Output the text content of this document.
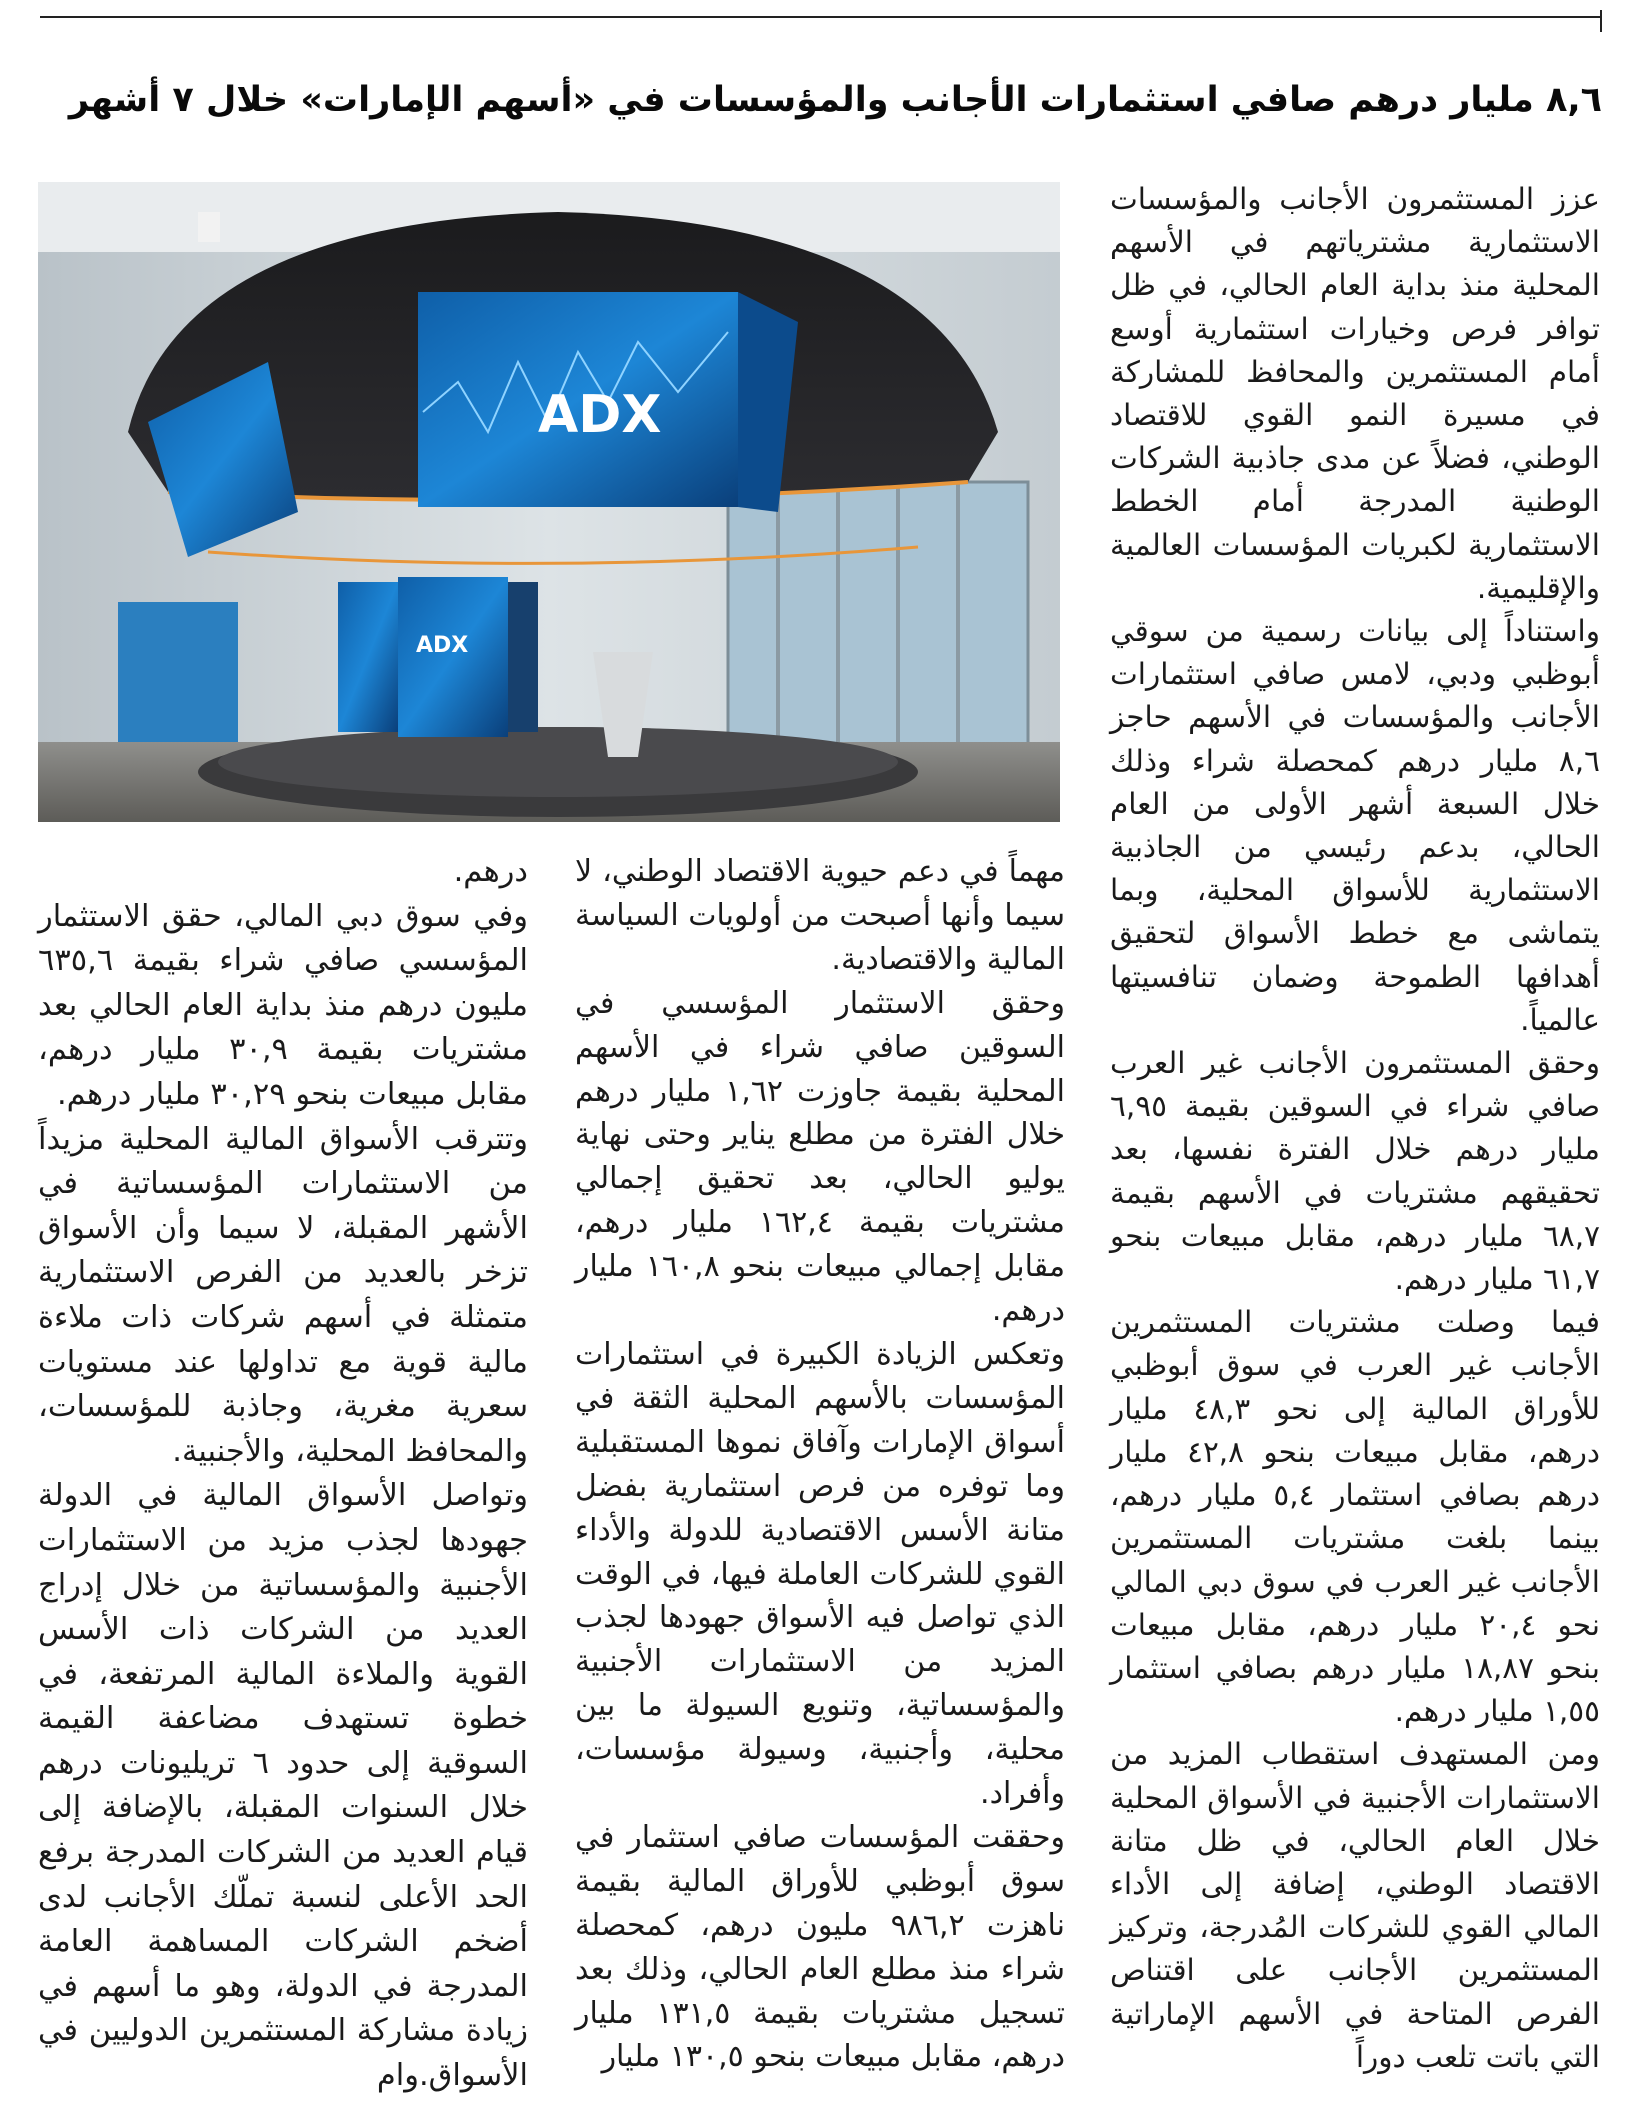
٨,٦ مليار درهم صافي استثمارات الأجانب والمؤسسات في «أسهم الإمارات» خلال ٧ أشهر
ADX
ADX

عزز المستثمرون الأجانب والمؤسسات الاستثمارية مشترياتهم في الأسهم المحلية منذ بداية العام الحالي، في ظل توافر فرص وخيارات استثمارية أوسع أمام المستثمرين والمحافظ للمشاركة في مسيرة النمو القوي للاقتصاد الوطني، فضلاً عن مدى جاذبية الشركات الوطنية المدرجة أمام الخطط الاستثمارية لكبريات المؤسسات العالمية والإقليمية.

واستناداً إلى بيانات رسمية من سوقي أبوظبي ودبي، لامس صافي استثمارات الأجانب والمؤسسات في الأسهم حاجز ٨,٦ مليار درهم كمحصلة شراء وذلك خلال السبعة أشهر الأولى من العام الحالي، بدعم رئيسي من الجاذبية الاستثمارية للأسواق المحلية، وبما يتماشى مع خطط الأسواق لتحقيق أهدافها الطموحة وضمان تنافسيتها عالمياً.

وحقق المستثمرون الأجانب غير العرب صافي شراء في السوقين بقيمة ٦,٩٥ مليار درهم خلال الفترة نفسها، بعد تحقيقهم مشتريات في الأسهم بقيمة ٦٨,٧ مليار درهم، مقابل مبيعات بنحو ٦١,٧ مليار درهم.

فيما وصلت مشتريات المستثمرين الأجانب غير العرب في سوق أبوظبي للأوراق المالية إلى نحو ٤٨,٣ مليار درهم، مقابل مبيعات بنحو ٤٢,٨ مليار درهم بصافي استثمار ٥,٤ مليار درهم، بينما بلغت مشتريات المستثمرين الأجانب غير العرب في سوق دبي المالي نحو ٢٠,٤ مليار درهم، مقابل مبيعات بنحو ١٨,٨٧ مليار درهم بصافي استثمار ١,٥٥ مليار درهم.

ومن المستهدف استقطاب المزيد من الاستثمارات الأجنبية في الأسواق المحلية خلال العام الحالي، في ظل متانة الاقتصاد الوطني، إضافة إلى الأداء المالي القوي للشركات المُدرجة، وتركيز المستثمرين الأجانب على اقتناص الفرص المتاحة في الأسهم الإماراتية التي باتت تلعب دوراً

مهماً في دعم حيوية الاقتصاد الوطني، لا سيما وأنها أصبحت من أولويات السياسة المالية والاقتصادية.

وحقق الاستثمار المؤسسي في السوقين صافي شراء في الأسهم المحلية بقيمة جاوزت ١,٦٢ مليار درهم خلال الفترة من مطلع يناير وحتى نهاية يوليو الحالي، بعد تحقيق إجمالي مشتريات بقيمة ١٦٢,٤ مليار درهم، مقابل إجمالي مبيعات بنحو ١٦٠,٨ مليار درهم.

وتعكس الزيادة الكبيرة في استثمارات المؤسسات بالأسهم المحلية الثقة في أسواق الإمارات وآفاق نموها المستقبلية وما توفره من فرص استثمارية بفضل متانة الأسس الاقتصادية للدولة والأداء القوي للشركات العاملة فيها، في الوقت الذي تواصل فيه الأسواق جهودها لجذب المزيد من الاستثمارات الأجنبية والمؤسساتية، وتنويع السيولة ما بين محلية، وأجنبية، وسيولة مؤسسات، وأفراد.

وحققت المؤسسات صافي استثمار في سوق أبوظبي للأوراق المالية بقيمة ناهزت ٩٨٦,٢ مليون درهم، كمحصلة شراء منذ مطلع العام الحالي، وذلك بعد تسجيل مشتريات بقيمة ١٣١,٥ مليار درهم، مقابل مبيعات بنحو ١٣٠,٥ مليار

درهم.

وفي سوق دبي المالي، حقق الاستثمار المؤسسي صافي شراء بقيمة ٦٣٥,٦ مليون درهم منذ بداية العام الحالي بعد مشتريات بقيمة ٣٠,٩ مليار درهم، مقابل مبيعات بنحو ٣٠,٢٩ مليار درهم.

وتترقب الأسواق المالية المحلية مزيداً من الاستثمارات المؤسساتية في الأشهر المقبلة، لا سيما وأن الأسواق تزخر بالعديد من الفرص الاستثمارية متمثلة في أسهم شركات ذات ملاءة مالية قوية مع تداولها عند مستويات سعرية مغرية، وجاذبة للمؤسسات، والمحافظ المحلية، والأجنبية.

وتواصل الأسواق المالية في الدولة جهودها لجذب مزيد من الاستثمارات الأجنبية والمؤسساتية من خلال إدراج العديد من الشركات ذات الأسس القوية والملاءة المالية المرتفعة، في خطوة تستهدف مضاعفة القيمة السوقية إلى حدود ٦ تريليونات درهم خلال السنوات المقبلة، بالإضافة إلى قيام العديد من الشركات المدرجة برفع الحد الأعلى لنسبة تملّك الأجانب لدى أضخم الشركات المساهمة العامة المدرجة في الدولة، وهو ما أسهم في زيادة مشاركة المستثمرين الدوليين في الأسواق.وام
